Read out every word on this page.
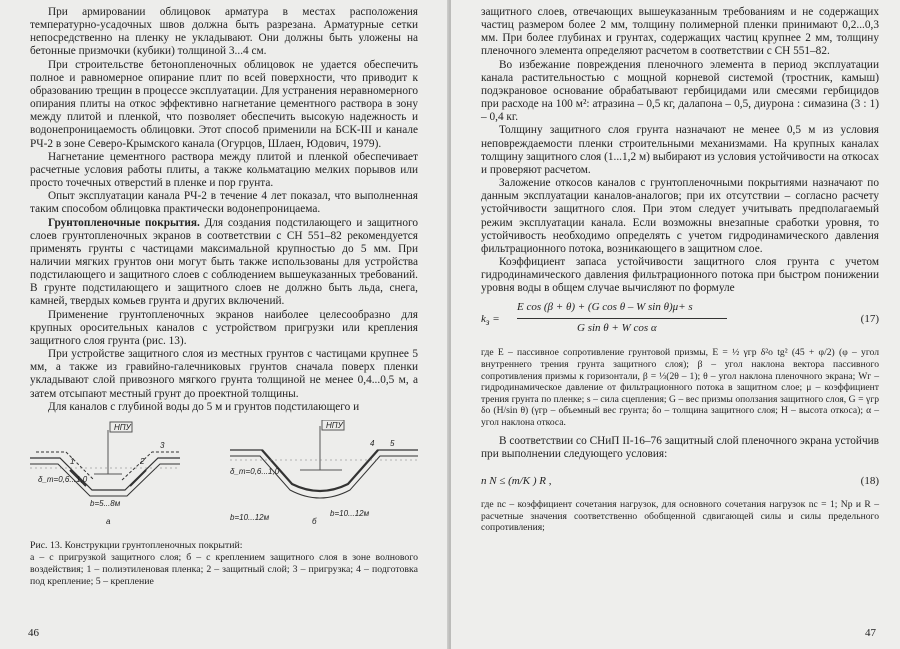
При армировании облицовок арматура в местах расположения температурно-усадочных швов должна быть разрезана. Арматурные сетки непосредственно на пленку не укладывают. Они должны быть уложены на бетонные призмочки (кубики) толщиной 3...4 см.

При строительстве бетонопленочных облицовок не удается обеспечить полное и равномерное опирание плит по всей поверхности, что приводит к образованию трещин в процессе эксплуатации. Для устранения неравномерного опирания плиты на откос эффективно нагнетание цементного раствора в зону между плитой и пленкой, что позволяет обеспечить высокую надежность и водонепроницаемость облицовки. Этот способ применили на БСК-III и канале РЧ-2 в зоне Северо-Крымского канала (Огурцов, Шлаен, Юдович, 1979).

Нагнетание цементного раствора между плитой и пленкой обеспечивает расчетные условия работы плиты, а также кольматацию мелких порывов или просто точечных отверстий в пленке и пор грунта.

Опыт эксплуатации канала РЧ-2 в течение 4 лет показал, что выполненная таким способом облицовка практически водонепроницаема.

Грунтопленочные покрытия. Для создания подстилающего и защитного слоев грунтопленочных экранов в соответствии с СН 551–82 рекомендуется применять грунты с частицами максимальной крупностью до 5 мм. При наличии мягких грунтов они могут быть также использованы для устройства подстилающего и защитного слоев с соблюдением вышеуказанных требований. В грунте подстилающего и защитного слоев не должно быть льда, снега, камней, твердых комьев грунта и других включений.

Применение грунтопленочных экранов наиболее целесообразно для крупных оросительных каналов с устройством пригрузки или крепления защитного слоя грунта (рис. 13).

При устройстве защитного слоя из местных грунтов с частицами крупнее 5 мм, а также из гравийно-галечниковых грунтов сначала поверх пленки укладывают слой привозного мягкого грунта толщиной не менее 0,4...0,5 м, а затем отсыпают местный грунт до проектной толщины.

Для каналов с глубиной воды до 5 м и грунтов подстилающего и

НПУ	НПУ
δ_т=0,6...1,0
b=5...8м
а
δ_т=0,6...1,0
b=10...12м	б
b=10...12м
1	2
3	4 5
Рис. 13. Конструкции грунтопленочных покрытий:

а – с пригрузкой защитного слоя; б – с креплением защитного слоя в зоне волнового воздействия; 1 – полиэтиленовая пленка; 2 – защитный слой; 3 – пригрузка; 4 – подготовка под крепление; 5 – крепление

46

защитного слоев, отвечающих вышеуказанным требованиям и не содержащих частиц размером более 2 мм, толщину полимерной пленки принимают 0,2...0,3 мм. При более глубинах и грунтах, содержащих частиц крупнее 2 мм, толщину пленочного элемента определяют расчетом в соответствии с СН 551–82.

Во избежание повреждения пленочного элемента в период эксплуатации канала растительностью с мощной корневой системой (тростник, камыш) подэкрановое основание обрабатывают гербицидами или смесями гербицидов при расходе на 100 м²: атразина – 0,5 кг, далапона – 0,5, диурона : симазина (3 : 1) – 0,4 кг.

Толщину защитного слоя грунта назначают не менее 0,5 м из условия неповреждаемости пленки строительными механизмами. На крупных каналах толщину защитного слоя (1...1,2 м) выбирают из условия устойчивости на откосах и проверяют расчетом.

Заложение откосов каналов с грунтопленочными покрытиями назначают по данным эксплуатации каналов-аналогов; при их отсутствии – согласно расчету устойчивости защитного слоя. При этом следует учитывать предполагаемый режим эксплуатации канала. Если возможны внезапные сработки уровня, то устойчивость необходимо определять с учетом гидродинамического давления фильтрационного потока, возникающего в защитном слое.

Коэффициент запаса устойчивости защитного слоя грунта с учетом гидродинамического давления фильтрационного потока при быстром понижении уровня воды в общем случае вычисляют по формуле

$k_з$ =
E cos (β + θ) + (G cos θ – W sin θ)μ+ s
G sin θ + W cos α
(17)

где E – пассивное сопротивление грунтовой призмы, E = ½ γгр δ²о tg² (45 + φ/2) (φ – угол внутреннего трения грунта защитного слоя); β – угол наклона вектора пассивного сопротивления призмы к горизонтали, β = ⅓(2θ – 1); θ – угол наклона пленочного экрана; Wг – гидродинамическое давление от фильтрационного потока в защитном слое; μ – коэффициент трения грунта по пленке; s – сила сцепления; G – вес призмы оползания защитного слоя, G = γгр δо (H/sin θ) (γгр – объемный вес грунта; δо – толщина защитного слоя; H – высота откоса); α – угол наклона откоса.

В соответствии со СНиП II-16–76 защитный слой пленочного экрана устойчив при выполнении следующего условия:

n N ≤ (m/K ) R ,	(18)

где nс – коэффициент сочетания нагрузок, для основного сочетания нагрузок nс = 1; Nр и R – расчетные значения соответственно обобщенной сдвигающей силы и силы предельного сопротивления;

47
